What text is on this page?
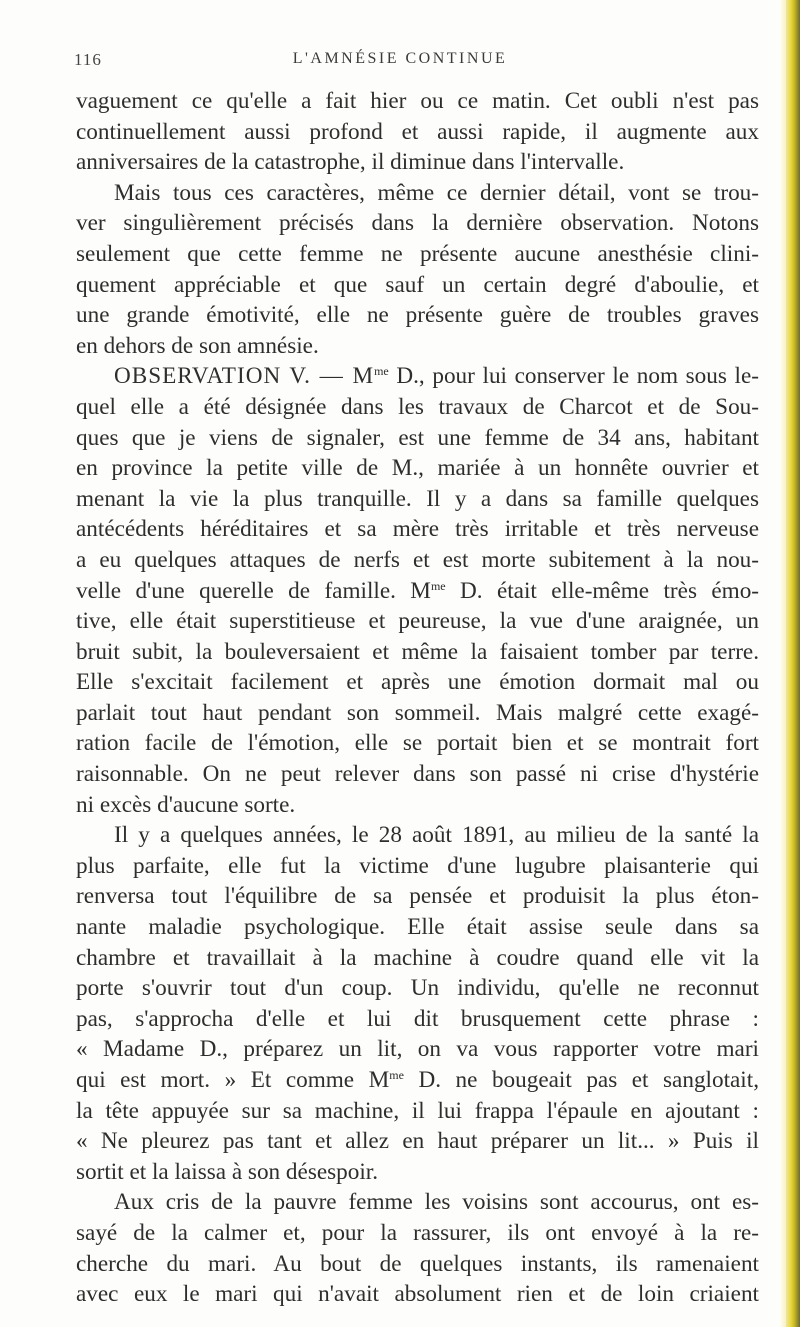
116	L'AMNÉSIE CONTINUE
vaguement ce qu'elle a fait hier ou ce matin. Cet oubli n'est pas
continuellement aussi profond et aussi rapide, il augmente aux
anniversaires de la catastrophe, il diminue dans l'intervalle.
Mais tous ces caractères, même ce dernier détail, vont se trou-
ver singulièrement précisés dans la dernière observation. Notons
seulement que cette femme ne présente aucune anesthésie clini-
quement appréciable et que sauf un certain degré d'aboulie, et
une grande émotivité, elle ne présente guère de troubles graves
en dehors de son amnésie.
OBSERVATION V. — $M^{me}$ D., pour lui conserver le nom sous le-
quel elle a été désignée dans les travaux de Charcot et de Sou-
ques que je viens de signaler, est une femme de 34 ans, habitant
en province la petite ville de M., mariée à un honnête ouvrier et
menant la vie la plus tranquille. Il y a dans sa famille quelques
antécédents héréditaires et sa mère très irritable et très nerveuse
a eu quelques attaques de nerfs et est morte subitement à la nou-
velle d'une querelle de famille. $M^{me}$ D. était elle-même très émo-
tive, elle était superstitieuse et peureuse, la vue d'une araignée, un
bruit subit, la bouleversaient et même la faisaient tomber par terre.
Elle s'excitait facilement et après une émotion dormait mal ou
parlait tout haut pendant son sommeil. Mais malgré cette exagé-
ration facile de l'émotion, elle se portait bien et se montrait fort
raisonnable. On ne peut relever dans son passé ni crise d'hystérie
ni excès d'aucune sorte.
Il y a quelques années, le 28 août 1891, au milieu de la santé la
plus parfaite, elle fut la victime d'une lugubre plaisanterie qui
renversa tout l'équilibre de sa pensée et produisit la plus éton-
nante maladie psychologique. Elle était assise seule dans sa
chambre et travaillait à la machine à coudre quand elle vit la
porte s'ouvrir tout d'un coup. Un individu, qu'elle ne reconnut
pas, s'approcha d'elle et lui dit brusquement cette phrase :
« Madame D., préparez un lit, on va vous rapporter votre mari
qui est mort. » Et comme $M^{me}$ D. ne bougeait pas et sanglotait,
la tête appuyée sur sa machine, il lui frappa l'épaule en ajoutant :
« Ne pleurez pas tant et allez en haut préparer un lit... » Puis il
sortit et la laissa à son désespoir.
Aux cris de la pauvre femme les voisins sont accourus, ont es-
sayé de la calmer et, pour la rassurer, ils ont envoyé à la re-
cherche du mari. Au bout de quelques instants, ils ramenaient
avec eux le mari qui n'avait absolument rien et de loin criaient
